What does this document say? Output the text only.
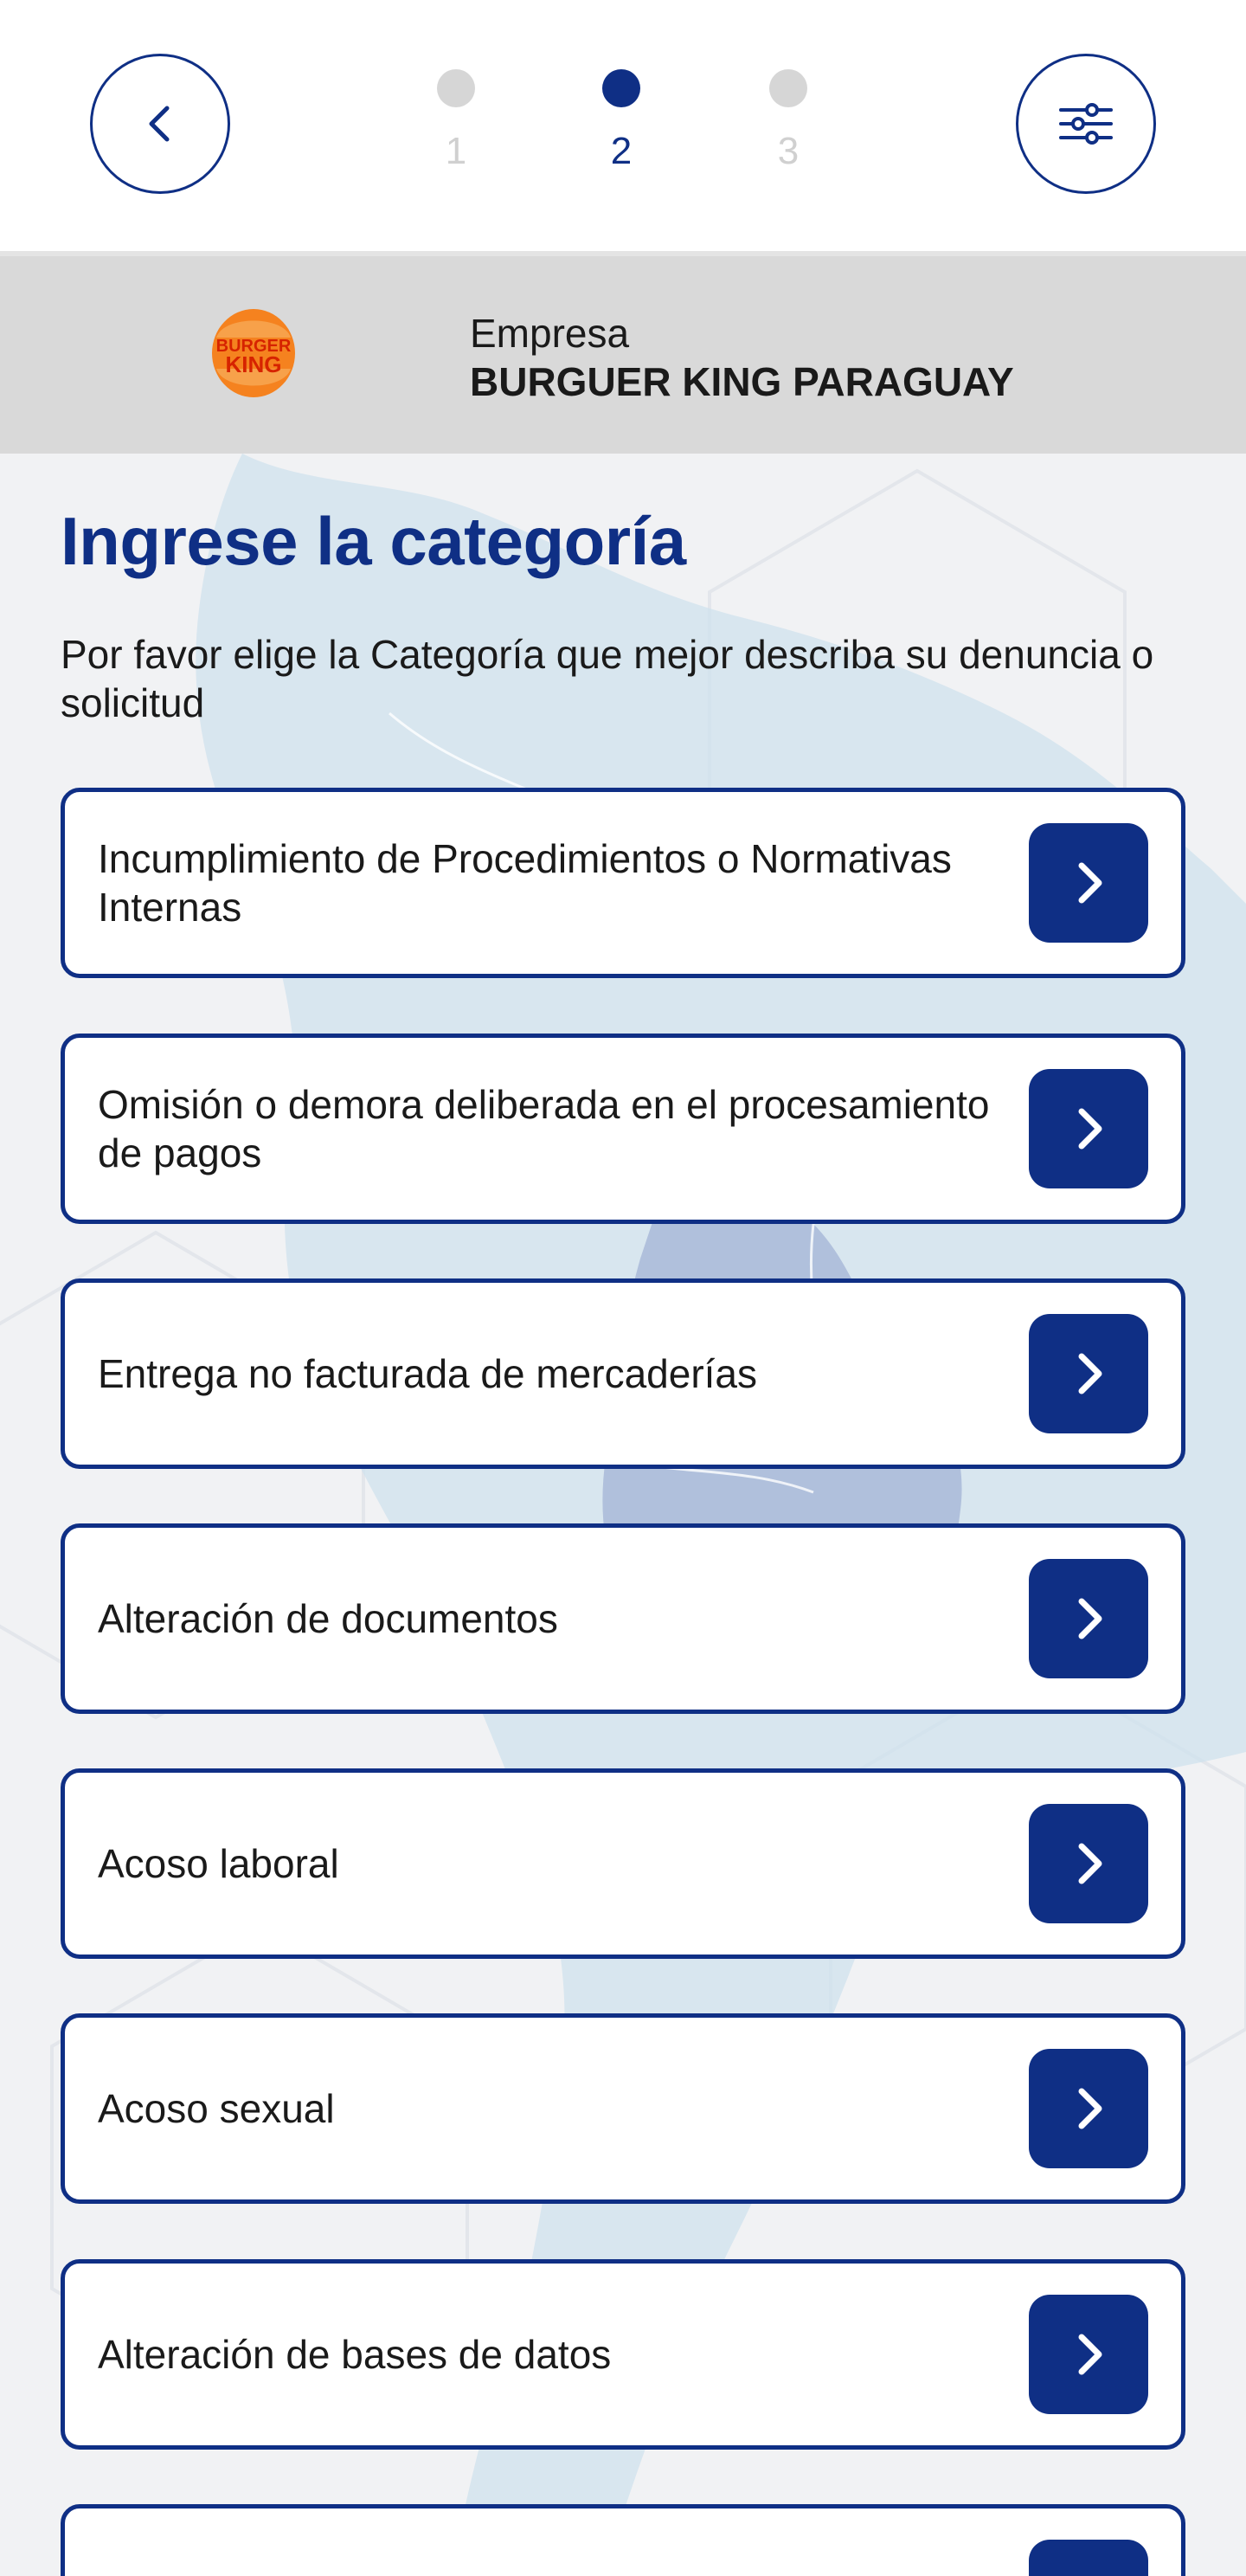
1	2	3
BURGER
KING
Empresa
BURGUER KING PARAGUAY
Ingrese la categoría
Por favor elige la Categoría que mejor describa su denuncia o solicitud
Incumplimiento de Procedimientos o Normativas Internas
Omisión o demora deliberada en el procesamiento de pagos
Entrega no facturada de mercaderías
Alteración de documentos
Acoso laboral
Acoso sexual
Alteración de bases de datos
